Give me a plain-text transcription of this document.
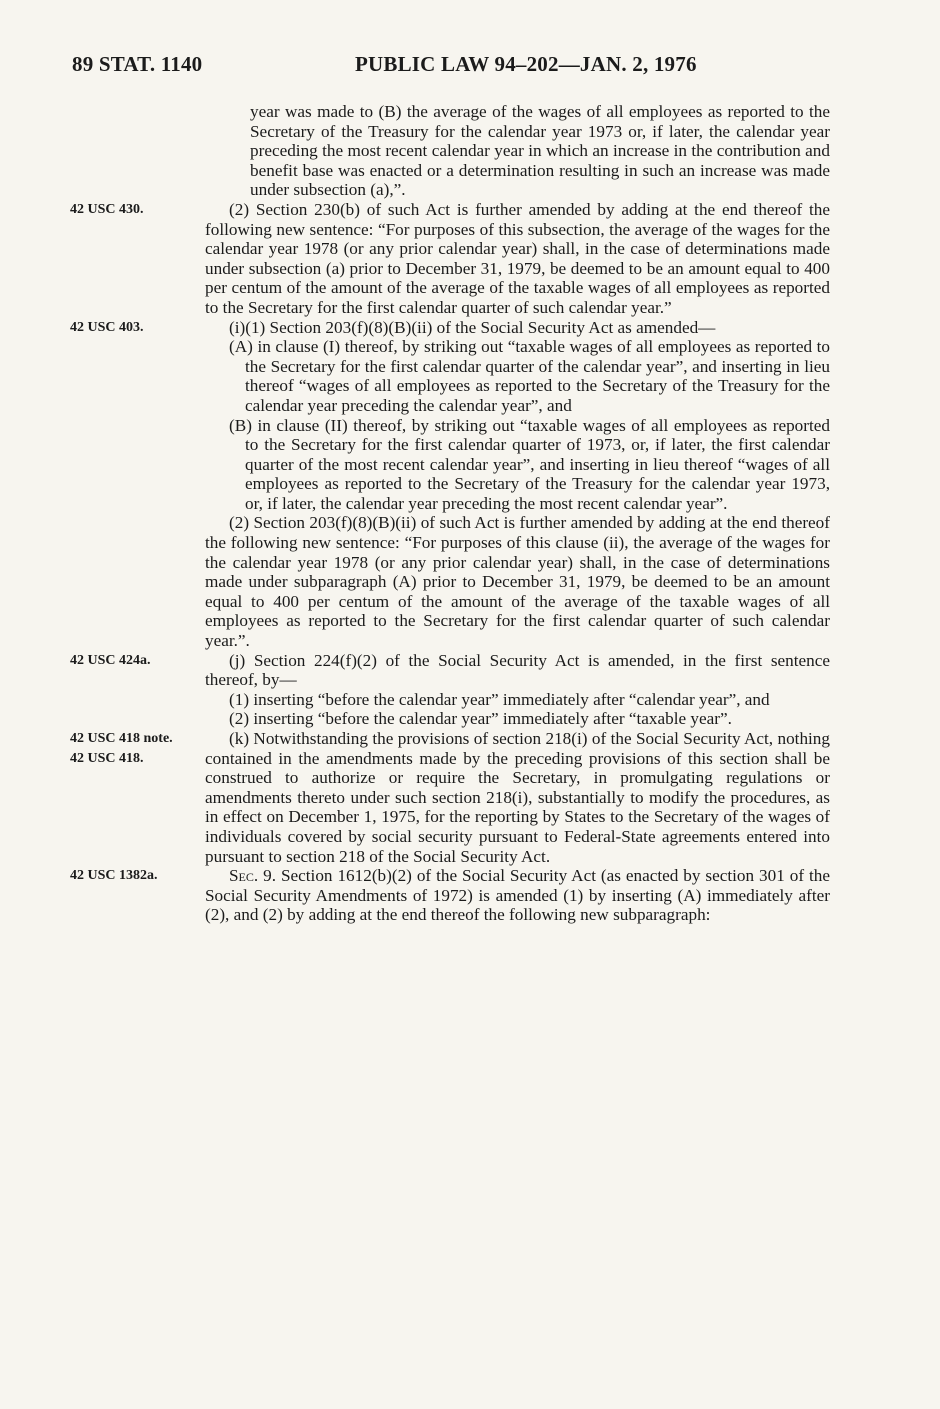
89 STAT. 1140	PUBLIC LAW 94–202—JAN. 2, 1976

year was made to (B) the average of the wages of all employees as reported to the Secretary of the Treasury for the calendar year 1973 or, if later, the calendar year preceding the most recent calendar year in which an increase in the contribution and benefit base was enacted or a determination resulting in such an increase was made under subsection (a),”.

42 USC 430.	(2) Section 230(b) of such Act is further amended by adding at the end thereof the following new sentence: “For purposes of this subsection, the average of the wages for the calendar year 1978 (or any prior calendar year) shall, in the case of determinations made under subsection (a) prior to December 31, 1979, be deemed to be an amount equal to 400 per centum of the amount of the average of the taxable wages of all employees as reported to the Secretary for the first calendar quarter of such calendar year.”

42 USC 403.	(i)(1) Section 203(f)(8)(B)(ii) of the Social Security Act as amended—

(A) in clause (I) thereof, by striking out “taxable wages of all employees as reported to the Secretary for the first calendar quarter of the calendar year”, and inserting in lieu thereof “wages of all employees as reported to the Secretary of the Treasury for the calendar year preceding the calendar year”, and

(B) in clause (II) thereof, by striking out “taxable wages of all employees as reported to the Secretary for the first calendar quarter of 1973, or, if later, the first calendar quarter of the most recent calendar year”, and inserting in lieu thereof “wages of all employees as reported to the Secretary of the Treasury for the calendar year 1973, or, if later, the calendar year preceding the most recent calendar year”.

(2) Section 203(f)(8)(B)(ii) of such Act is further amended by adding at the end thereof the following new sentence: “For purposes of this clause (ii), the average of the wages for the calendar year 1978 (or any prior calendar year) shall, in the case of determinations made under subparagraph (A) prior to December 31, 1979, be deemed to be an amount equal to 400 per centum of the amount of the average of the taxable wages of all employees as reported to the Secretary for the first calendar quarter of such calendar year.”.

42 USC 424a.	(j) Section 224(f)(2) of the Social Security Act is amended, in the first sentence thereof, by—

(1) inserting “before the calendar year” immediately after “calendar year”, and

(2) inserting “before the calendar year” immediately after “taxable year”.

42 USC 418 note.
42 USC 418.
(k) Notwithstanding the provisions of section 218(i) of the Social Security Act, nothing contained in the amendments made by the preceding provisions of this section shall be construed to authorize or require the Secretary, in promulgating regulations or amendments thereto under such section 218(i), substantially to modify the procedures, as in effect on December 1, 1975, for the reporting by States to the Secretary of the wages of individuals covered by social security pursuant to Federal-State agreements entered into pursuant to section 218 of the Social Security Act.

42 USC 1382a.	Sec. 9. Section 1612(b)(2) of the Social Security Act (as enacted by section 301 of the Social Security Amendments of 1972) is amended (1) by inserting (A) immediately after (2), and (2) by adding at the end thereof the following new subparagraph:
